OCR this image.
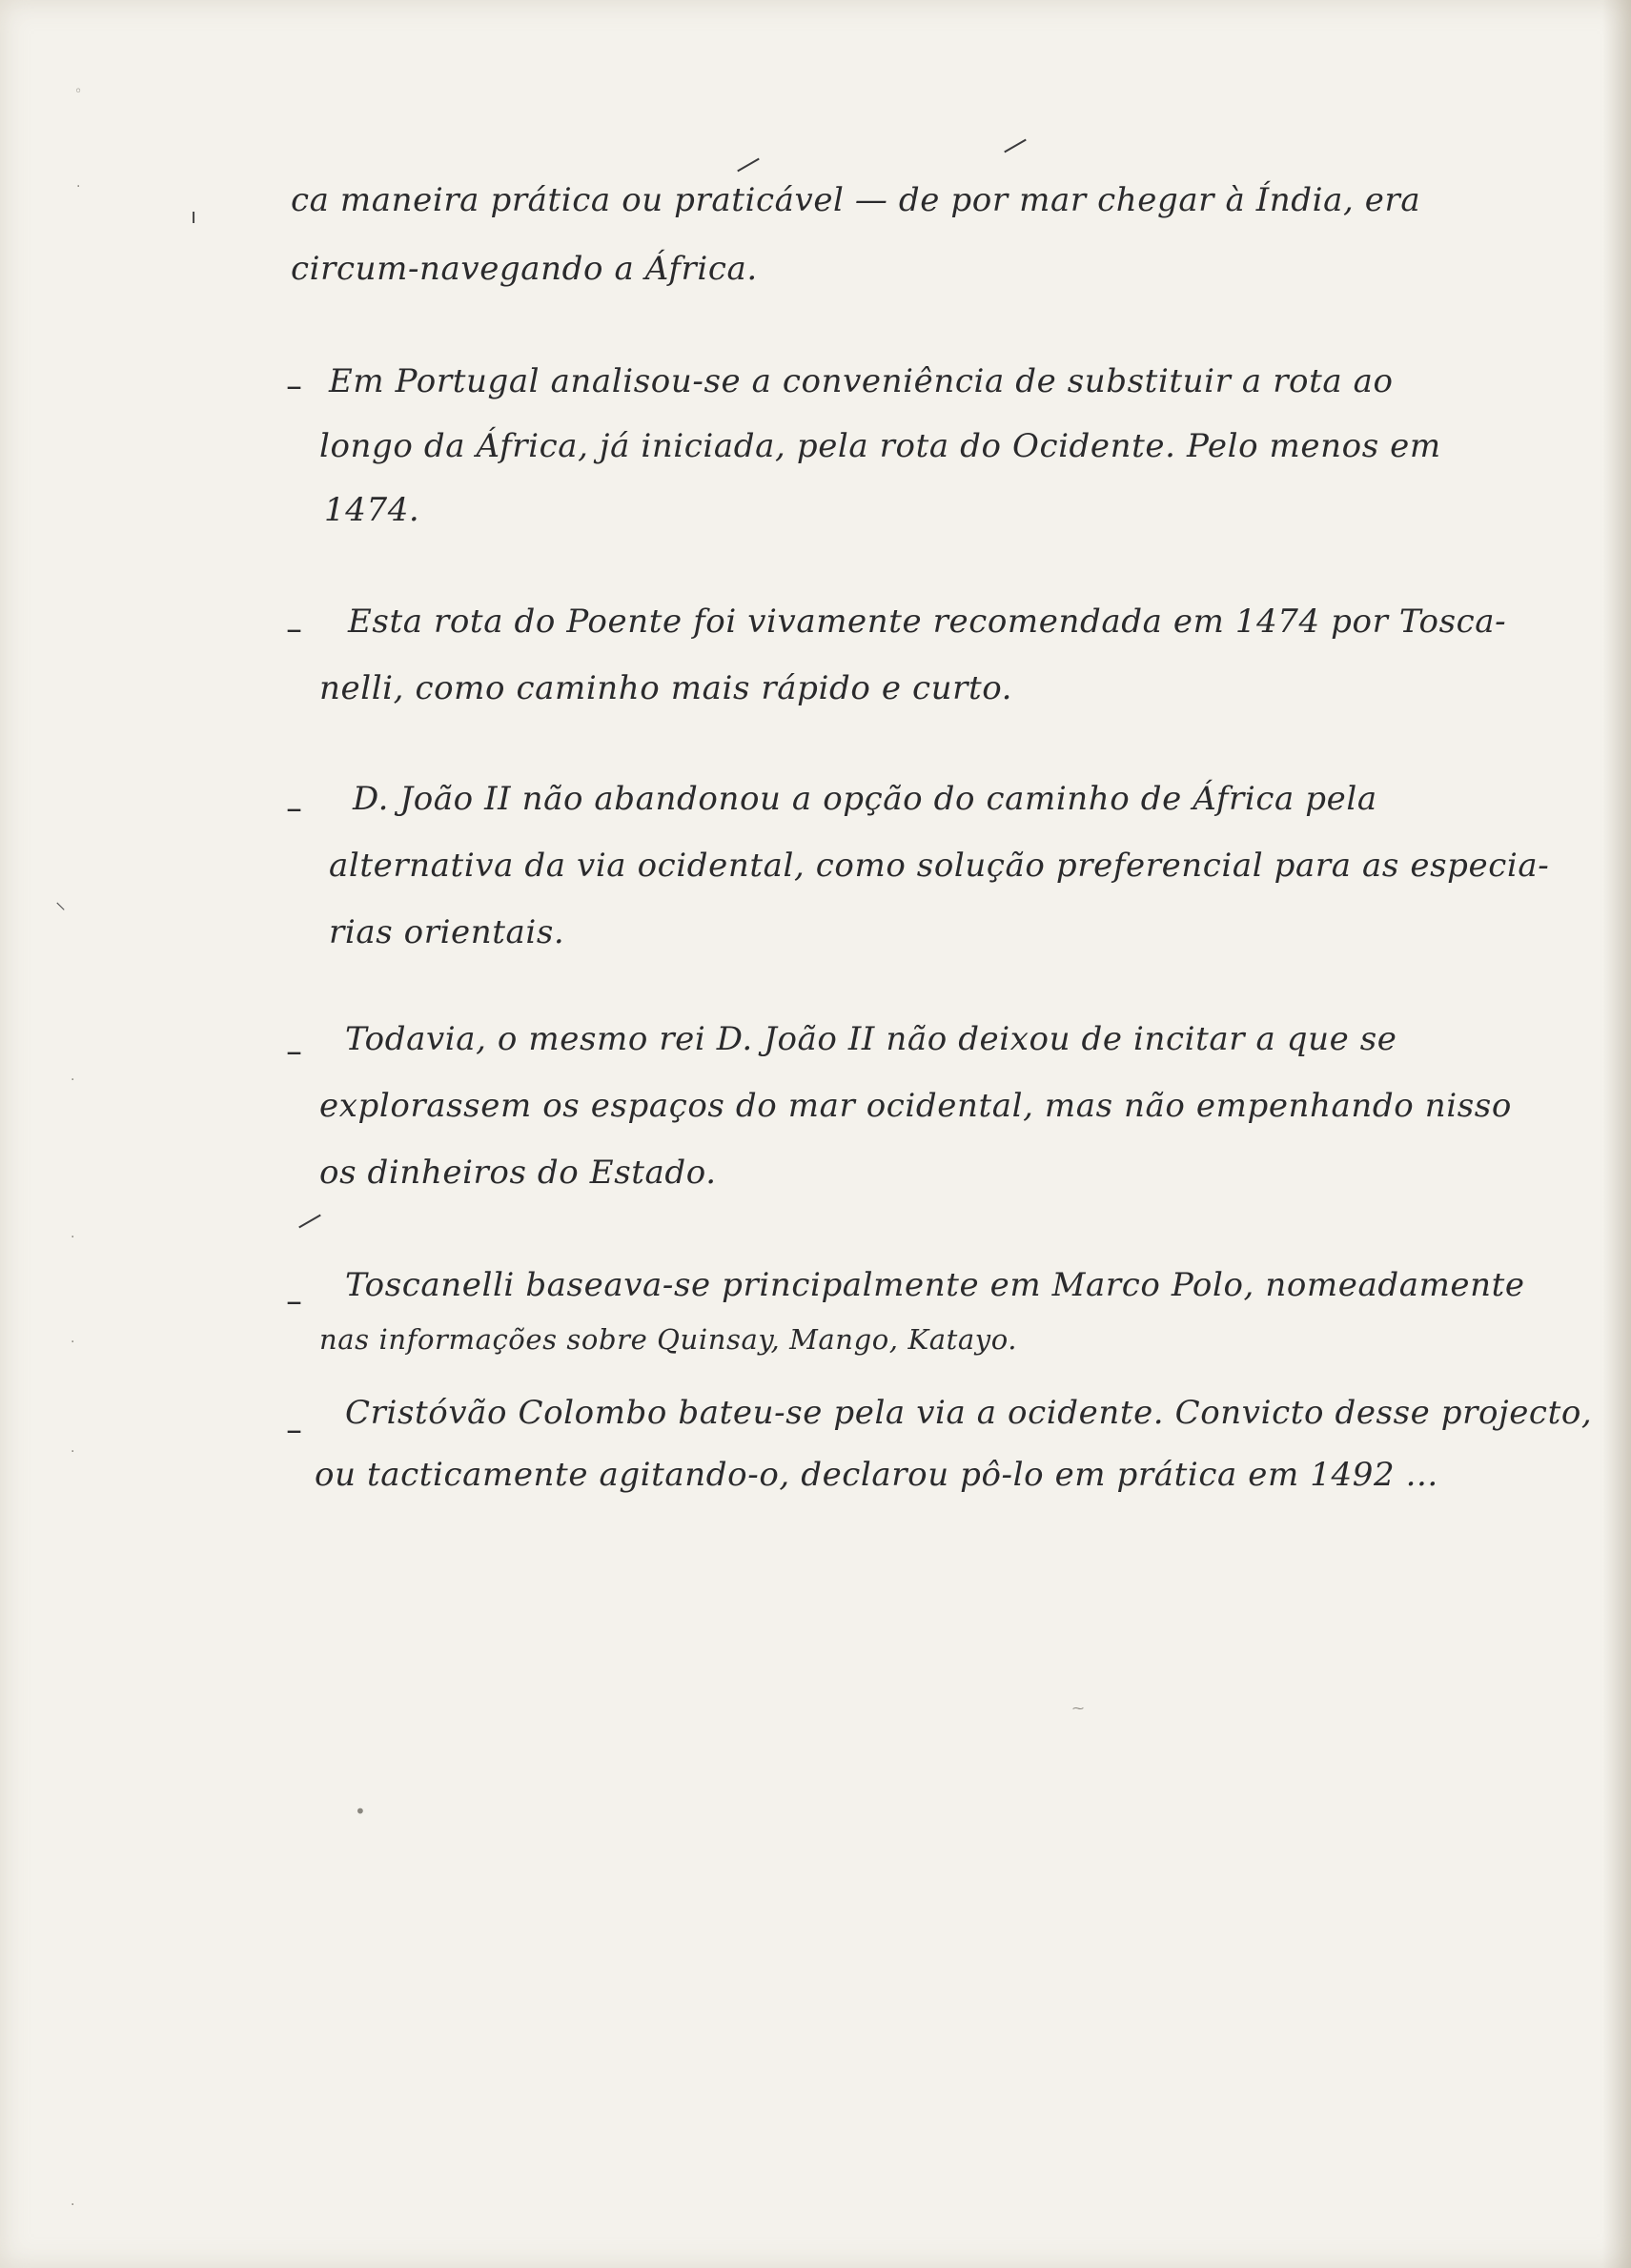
◦
·
⸜
·
·
·
·
·
•
⁓
ı	ca maneira prática ou praticável — de por mar chegar à Índia, era
circum-navegando a África.
– Em Portugal analisou-se a conveniência de substituir a rota ao
longo da África, já iniciada, pela rota do Ocidente. Pelo menos em
1474.
– Esta rota do Poente foi vivamente recomendada em 1474 por Tosca-
nelli, como caminho mais rápido e curto.
– D. João II não abandonou a opção do caminho de África pela
alternativa da via ocidental, como solução preferencial para as especia-
rias orientais.
– Todavia, o mesmo rei D. João II não deixou de incitar a que se
explorassem os espaços do mar ocidental, mas não empenhando nisso
os dinheiros do Estado.
– Toscanelli baseava-se principalmente em Marco Polo, nomeadamente
nas informações sobre Quinsay, Mango, Katayo.
– Cristóvão Colombo bateu-se pela via a ocidente. Convicto desse projecto,
ou tacticamente agitando-o, declarou pô-lo em prática em 1492 ...
